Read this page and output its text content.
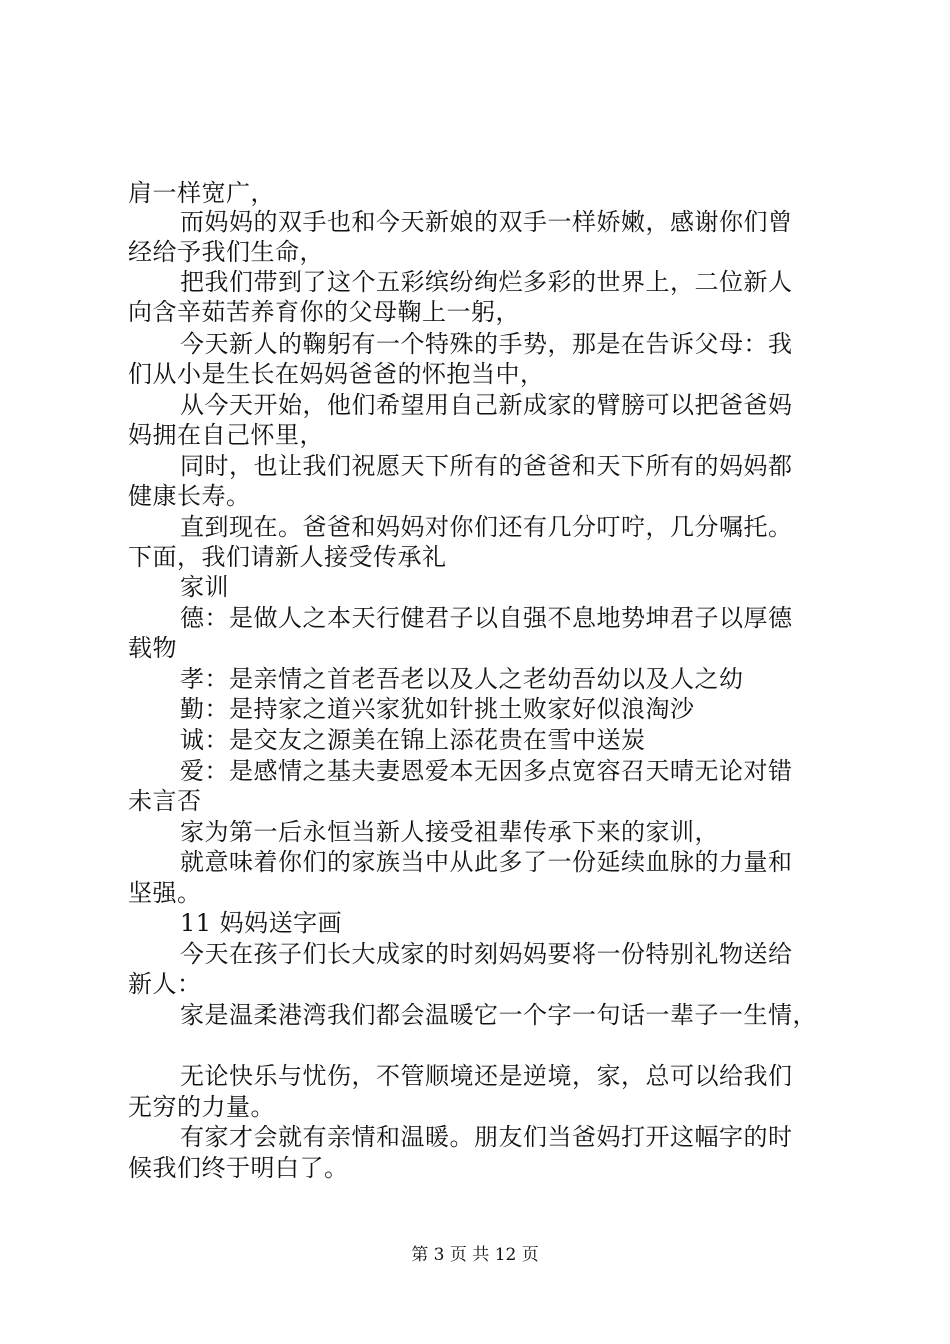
肩一样宽广，
而妈妈的双手也和今天新娘的双手一样娇嫩，感谢你们曾
经给予我们生命，
把我们带到了这个五彩缤纷绚烂多彩的世界上，二位新人
向含辛茹苦养育你的父母鞠上一躬，
今天新人的鞠躬有一个特殊的手势，那是在告诉父母：我
们从小是生长在妈妈爸爸的怀抱当中，
从今天开始，他们希望用自己新成家的臂膀可以把爸爸妈
妈拥在自己怀里，
同时，也让我们祝愿天下所有的爸爸和天下所有的妈妈都
健康长寿。
直到现在。爸爸和妈妈对你们还有几分叮咛，几分嘱托。
下面，我们请新人接受传承礼
家训
德：是做人之本天行健君子以自强不息地势坤君子以厚德
载物
孝：是亲情之首老吾老以及人之老幼吾幼以及人之幼
勤：是持家之道兴家犹如针挑土败家好似浪淘沙
诚：是交友之源美在锦上添花贵在雪中送炭
爱：是感情之基夫妻恩爱本无因多点宽容召天晴无论对错
未言否
家为第一后永恒当新人接受祖辈传承下来的家训，
就意味着你们的家族当中从此多了一份延续血脉的力量和
坚强。
11 妈妈送字画
今天在孩子们长大成家的时刻妈妈要将一份特别礼物送给
新人：
家是温柔港湾我们都会温暖它一个字一句话一辈子一生情，
无论快乐与忧伤，不管顺境还是逆境，家，总可以给我们
无穷的力量。
有家才会就有亲情和温暖。朋友们当爸妈打开这幅字的时
候我们终于明白了。
第 3 页 共 12 页
